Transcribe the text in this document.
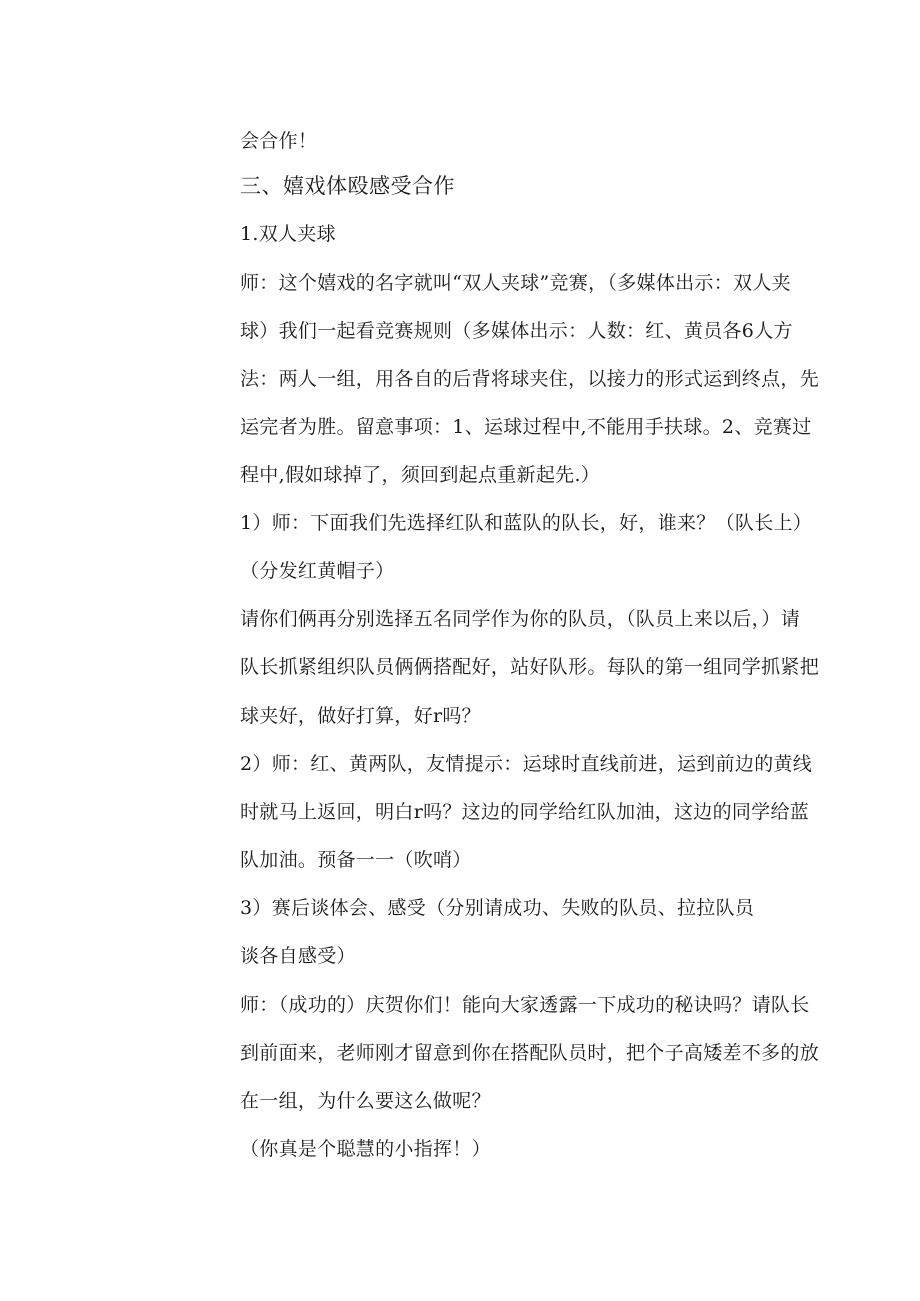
会合作！
三、嬉戏体殴感受合作
1.双人夹球
师：这个嬉戏的名字就叫“双人夹球”竞赛，（多媒体出示：双人夹
球）我们一起看竞赛规则（多媒体出示：人数：红、黄员各6人方
法：两人一组，用各自的后背将球夹住，以接力的形式运到终点，先
运完者为胜。留意事项：1、运球过程中,不能用手扶球。2、竞赛过
程中,假如球掉了，须回到起点重新起先.）
1）师：下面我们先选择红队和蓝队的队长，好，谁来？（队长上）
（分发红黄帽子）
请你们俩再分别选择五名同学作为你的队员，（队员上来以后，）请
队长抓紧组织队员俩俩搭配好，站好队形。每队的第一组同学抓紧把
球夹好，做好打算，好r吗？
2）师：红、黄两队，友情提示：运球时直线前进，运到前边的黄线
时就马上返回，明白r吗？这边的同学给红队加油，这边的同学给蓝
队加油。预备一一（吹哨）
3）赛后谈体会、感受（分别请成功、失败的队员、拉拉队员
谈各自感受）
师：（成功的）庆贺你们！能向大家透露一下成功的秘诀吗？请队长
到前面来，老师刚才留意到你在搭配队员时，把个子高矮差不多的放
在一组，为什么要这么做呢？
（你真是个聪慧的小指挥！）
